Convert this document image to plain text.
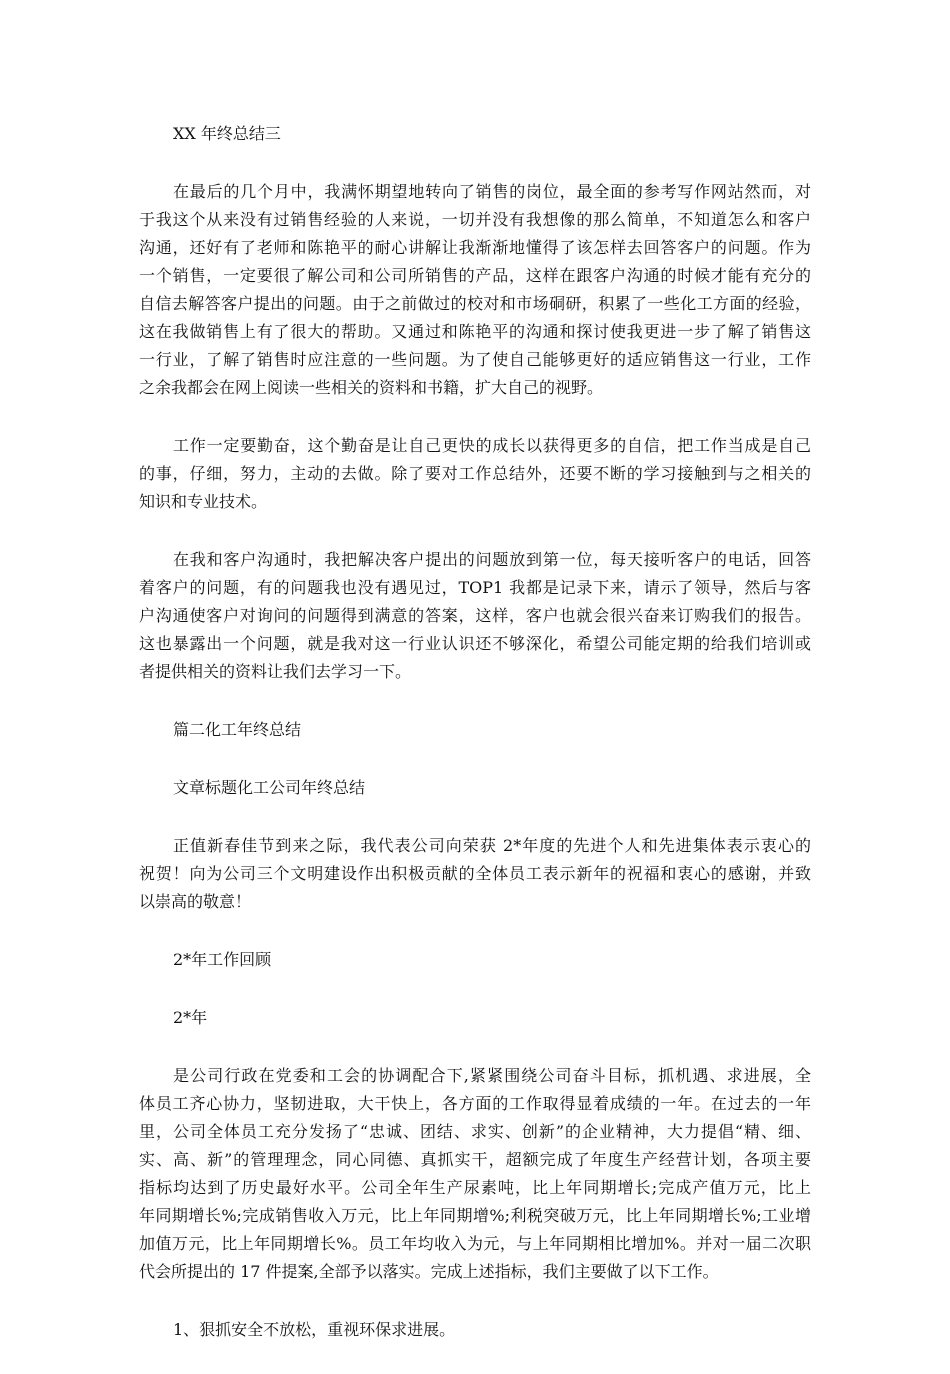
XX 年终总结三
在最后的几个月中，我满怀期望地转向了销售的岗位，最全面的参考写作网站然而，对
于我这个从来没有过销售经验的人来说，一切并没有我想像的那么简单，不知道怎么和客户
沟通，还好有了老师和陈艳平的耐心讲解让我渐渐地懂得了该怎样去回答客户的问题。作为
一个销售，一定要很了解公司和公司所销售的产品，这样在跟客户沟通的时候才能有充分的
自信去解答客户提出的问题。由于之前做过的校对和市场硐研，积累了一些化工方面的经验，
这在我做销售上有了很大的帮助。又通过和陈艳平的沟通和探讨使我更进一步了解了销售这
一行业，了解了销售时应注意的一些问题。为了使自己能够更好的适应销售这一行业，工作
之余我都会在网上阅读一些相关的资料和书籍，扩大自己的视野。
工作一定要勤奋，这个勤奋是让自己更快的成长以获得更多的自信，把工作当成是自己
的事，仔细，努力，主动的去做。除了要对工作总结外，还要不断的学习接触到与之相关的
知识和专业技术。
在我和客户沟通时，我把解决客户提出的问题放到第一位，每天接听客户的电话，回答
着客户的问题，有的问题我也没有遇见过，TOP1 我都是记录下来，请示了领导，然后与客
户沟通使客户对询问的问题得到满意的答案，这样，客户也就会很兴奋来订购我们的报告。
这也暴露出一个问题，就是我对这一行业认识还不够深化，希望公司能定期的给我们培训或
者提供相关的资料让我们去学习一下。
篇二化工年终总结
文章标题化工公司年终总结
正值新春佳节到来之际，我代表公司向荣获 2*年度的先进个人和先进集体表示衷心的
祝贺！向为公司三个文明建设作出积极贡献的全体员工表示新年的祝福和衷心的感谢，并致
以崇高的敬意！
2*年工作回顾
2*年
是公司行政在党委和工会的协调配合下,紧紧围绕公司奋斗目标，抓机遇、求进展，全
体员工齐心协力，坚韧进取，大干快上，各方面的工作取得显着成绩的一年。在过去的一年
里，公司全体员工充分发扬了“忠诚、团结、求实、创新”的企业精神，大力提倡“精、细、
实、高、新”的管理理念，同心同德、真抓实干，超额完成了年度生产经营计划，各项主要
指标均达到了历史最好水平。公司全年生产尿素吨，比上年同期增长;完成产值万元，比上
年同期增长%;完成销售收入万元，比上年同期增%;利税突破万元，比上年同期增长%;工业增
加值万元，比上年同期增长%。员工年均收入为元，与上年同期相比增加%。并对一届二次职
代会所提出的 17 件提案,全部予以落实。完成上述指标，我们主要做了以下工作。
1、狠抓安全不放松，重视环保求进展。
